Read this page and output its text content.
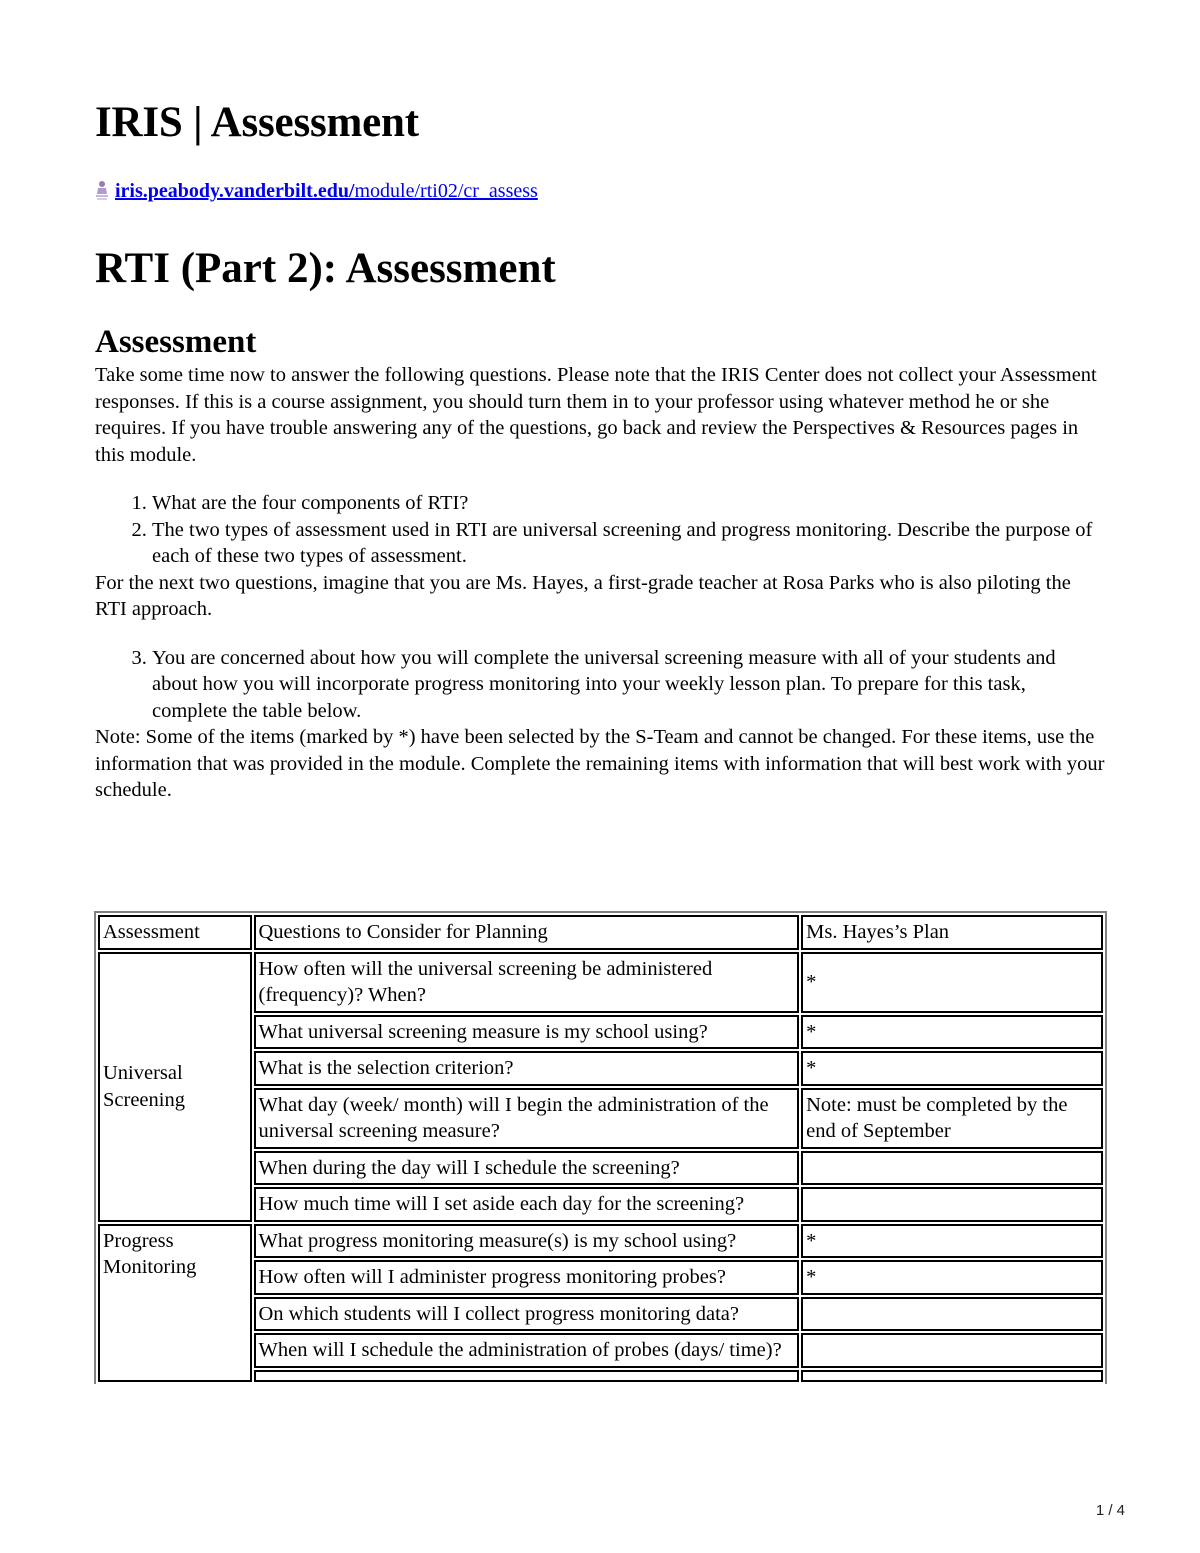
IRIS | Assessment
iris.peabody.vanderbilt.edu/module/rti02/cr_assess
RTI (Part 2): Assessment
Assessment

Take some time now to answer the following questions. Please note that the IRIS Center does not collect your Assessment responses. If this is a course assignment, you should turn them in to your professor using whatever method he or she requires. If you have trouble answering any of the questions, go back and review the Perspectives & Resources pages in this module.

1. What are the four components of RTI?
2. The two types of assessment used in RTI are universal screening and progress monitoring. Describe the purpose of each of these two types of assessment.

For the next two questions, imagine that you are Ms. Hayes, a first-grade teacher at Rosa Parks who is also piloting the RTI approach.

3. You are concerned about how you will complete the universal screening measure with all of your students and about how you will incorporate progress monitoring into your weekly lesson plan. To prepare for this task, complete the table below.

Note: Some of the items (marked by *) have been selected by the S-Team and cannot be changed. For these items, use the information that was provided in the module. Complete the remaining items with information that will best work with your schedule.

Assessment	Questions to Consider for Planning	Ms. Hayes’s Plan
Universal Screening	How often will the universal screening be administered (frequency)? When?	*
	What universal screening measure is my school using?	*
	What is the selection criterion?	*
	What day (week/ month) will I begin the administration of the universal screening measure?	Note: must be completed by the end of September
	When during the day will I schedule the screening?	
	How much time will I set aside each day for the screening?	
Progress Monitoring	What progress monitoring measure(s) is my school using?	*
	How often will I administer progress monitoring probes?	*
	On which students will I collect progress monitoring data?	
	When will I schedule the administration of probes (days/ time)?	

1 / 4
